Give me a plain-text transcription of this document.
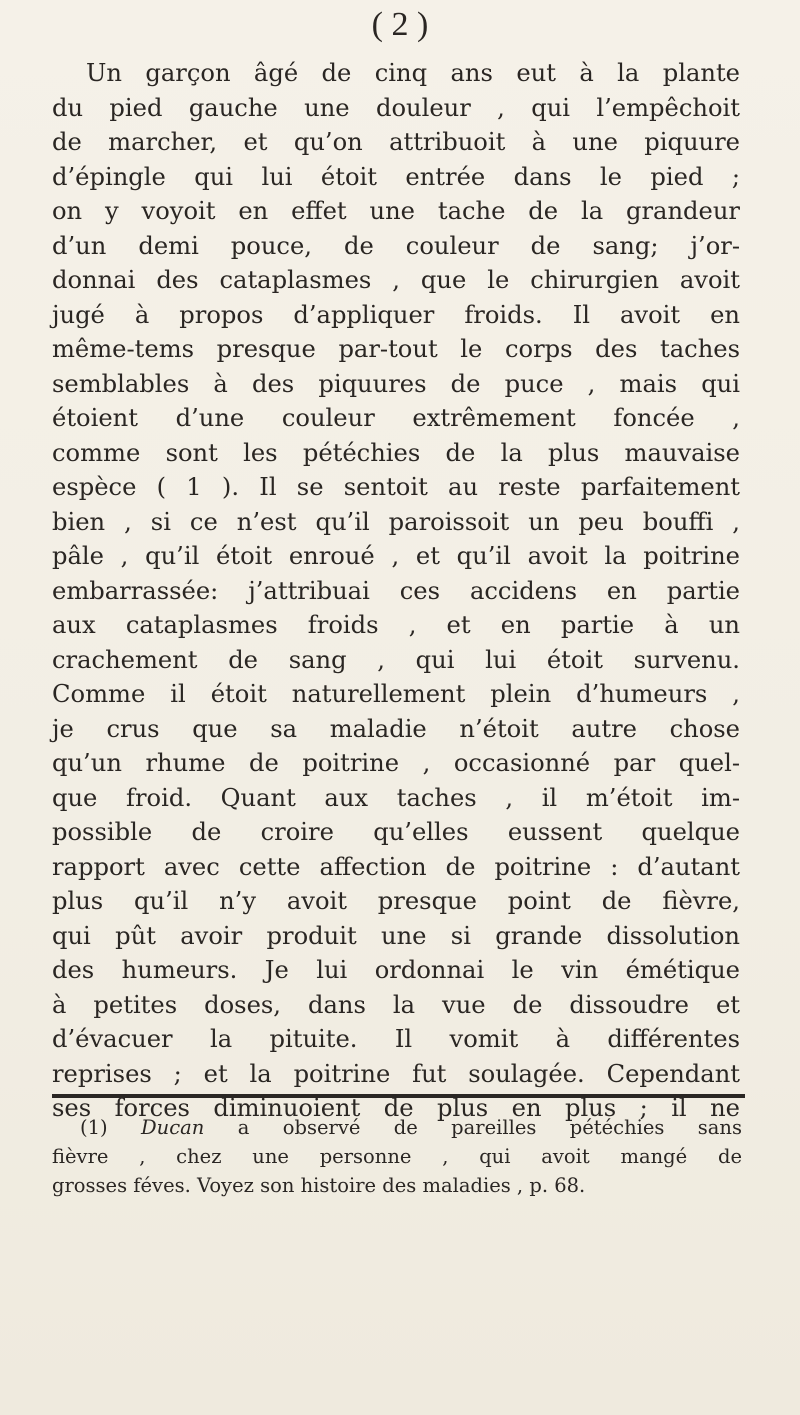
( 2 )
Un garçon âgé de cinq ans eut à la plante
du pied gauche une douleur , qui l’empêchoit
de marcher, et qu’on attribuoit à une piquure
d’épingle qui lui étoit entrée dans le pied ;
on y voyoit en effet une tache de la grandeur
d’un demi pouce, de couleur de sang; j’or-
donnai des cataplasmes , que le chirurgien avoit
jugé à propos d’appliquer froids. Il avoit en
même-tems presque par-tout le corps des taches
semblables à des piquures de puce , mais qui
étoient d’une couleur extrêmement foncée ,
comme sont les pétéchies de la plus mauvaise
espèce ( 1 ). Il se sentoit au reste parfaitement
bien , si ce n’est qu’il paroissoit un peu bouffi ,
pâle , qu’il étoit enroué , et qu’il avoit la poitrine
embarrassée: j’attribuai ces accidens en partie
aux cataplasmes froids , et en partie à un
crachement de sang , qui lui étoit survenu.
Comme il étoit naturellement plein d’humeurs ,
je crus que sa maladie n’étoit autre chose
qu’un rhume de poitrine , occasionné par quel-
que froid. Quant aux taches , il m’étoit im-
possible de croire qu’elles eussent quelque
rapport avec cette affection de poitrine : d’autant
plus qu’il n’y avoit presque point de fièvre,
qui pût avoir produit une si grande dissolution
des humeurs. Je lui ordonnai le vin émétique
à petites doses, dans la vue de dissoudre et
d’évacuer la pituite. Il vomit à différentes
reprises ; et la poitrine fut soulagée. Cependant
ses forces diminuoient de plus en plus ; il ne
(1) Ducan a observé de pareilles pétéchies sans
fièvre , chez une personne , qui avoit mangé de
grosses féves. Voyez son histoire des maladies , p. 68.
